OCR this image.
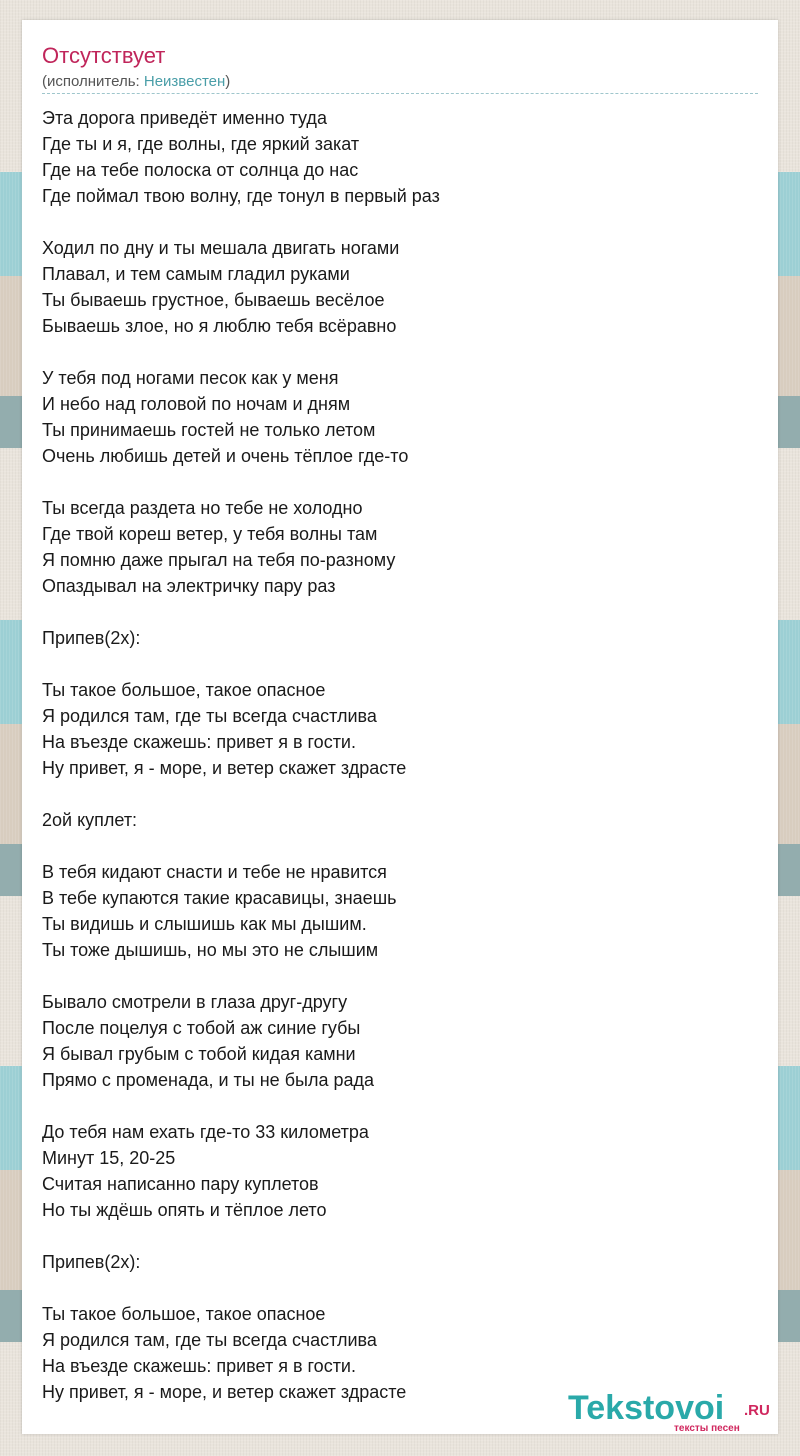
Отсутствует
(исполнитель: Неизвестен)
Эта дорога приведёт именно туда
Где ты и я, где волны, где яркий закат
Где на тебе полоска от солнца до нас
Где поймал твою волну, где тонул в первый раз
Ходил по дну и ты мешала двигать ногами
Плавал, и тем самым гладил руками
Ты бываешь грустное, бываешь весёлое
Бываешь злое, но я люблю тебя всёравно
У тебя под ногами песок как у меня
И небо над головой по ночам и дням
Ты принимаешь гостей не только летом
Очень любишь детей и очень тёплое где-то
Ты всегда раздета но тебе не холодно
Где твой кореш ветер, у тебя волны там
Я помню даже прыгал на тебя по-разному
Опаздывал на электричку пару раз
Припев(2x):
Ты такое большое, такое опасное
Я родился там, где ты всегда счастлива
На въезде скажешь: привет я в гости.
Ну привет, я - море, и ветер скажет здрасте
2ой куплет:
В тебя кидают снасти и тебе не нравится
В тебе купаются такие красавицы, знаешь
Ты видишь и слышишь как мы дышим.
Ты тоже дышишь, но мы это не слышим
Бывало смотрели в глаза друг-другу
После поцелуя с тобой аж синие губы
Я бывал грубым с тобой кидая камни
Прямо с променада, и ты не была рада
До тебя нам ехать где-то 33 километра
Минут 15, 20-25
Считая написанно пару куплетов
Но ты ждёшь опять и тёплое лето
Припев(2x):
Ты такое большое, такое опасное
Я родился там, где ты всегда счастлива
На въезде скажешь: привет я в гости.
Ну привет, я - море, и ветер скажет здрасте	Tekstovoi .RU
тексты песен
